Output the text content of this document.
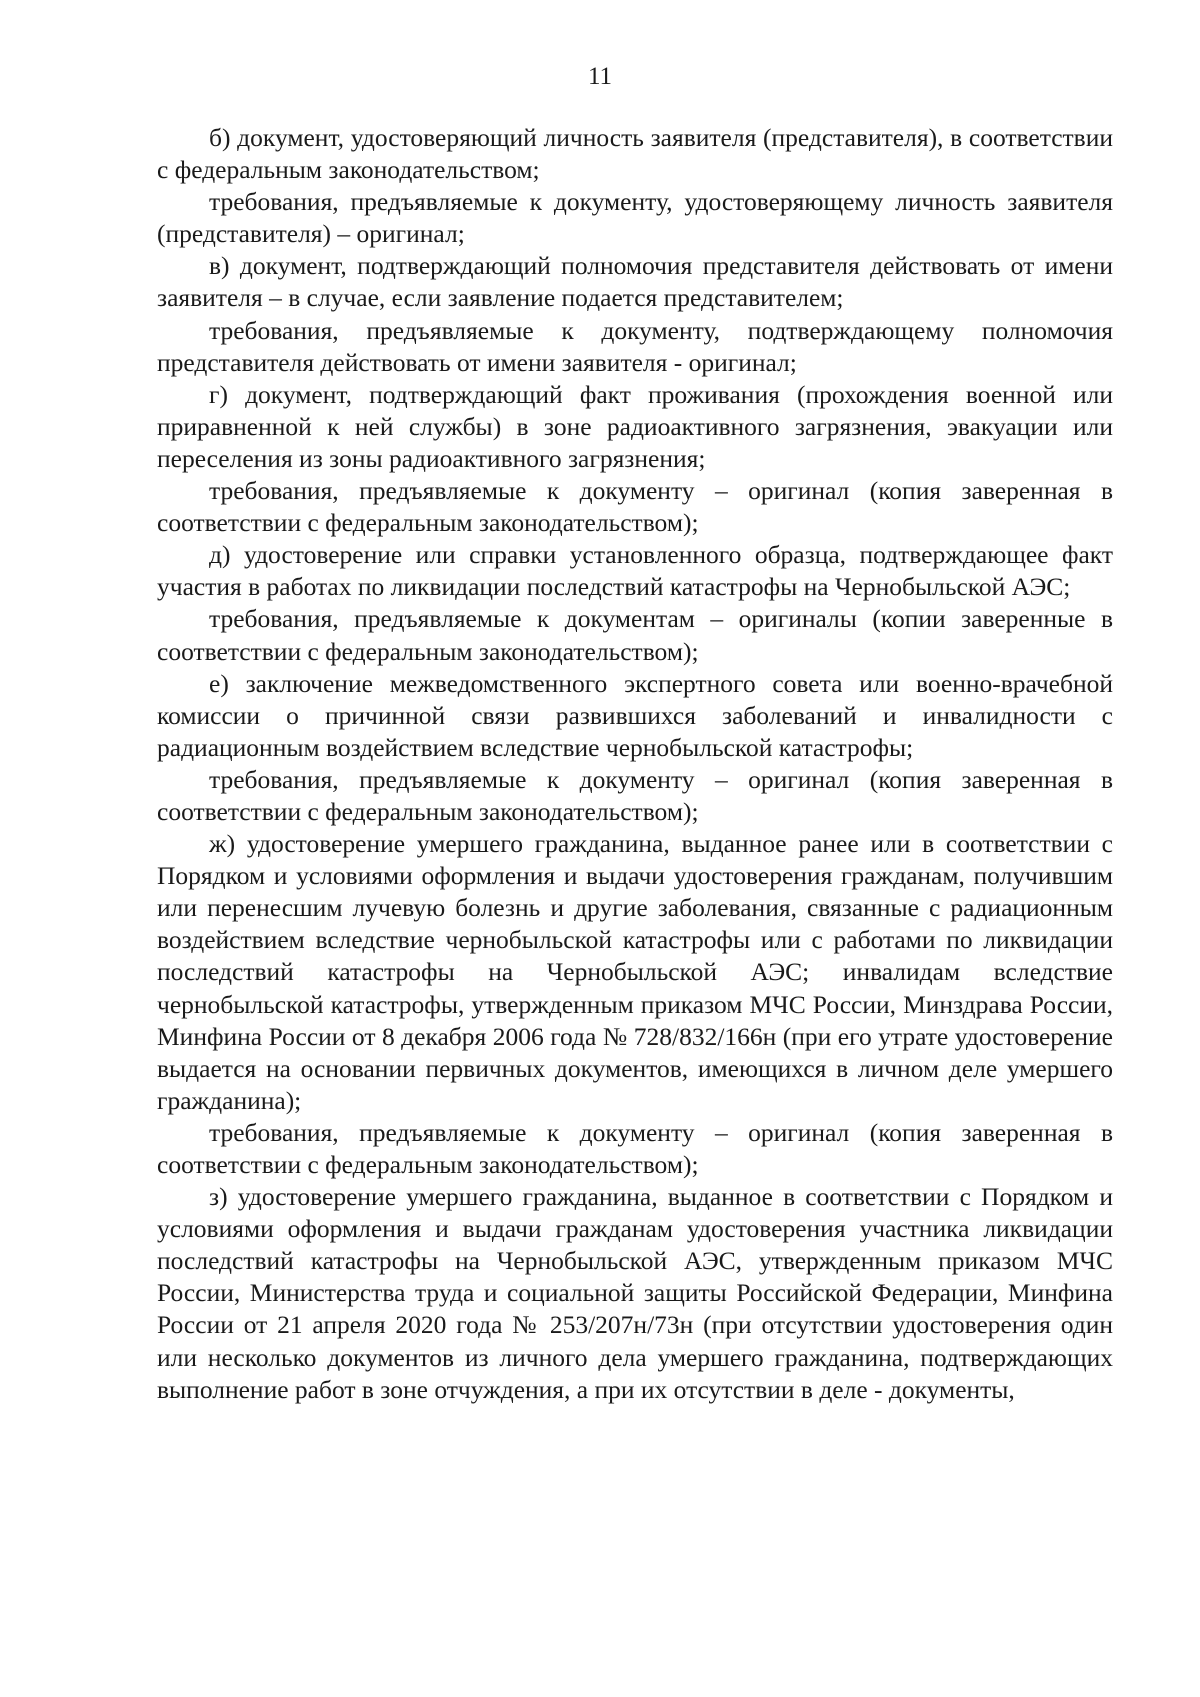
11

б) документ, удостоверяющий личность заявителя (представителя), в соответствии с федеральным законодательством;

требования, предъявляемые к документу, удостоверяющему личность заявителя (представителя) – оригинал;

в) документ, подтверждающий полномочия представителя действовать от имени заявителя – в случае, если заявление подается представителем;

требования, предъявляемые к документу, подтверждающему полномочия представителя действовать от имени заявителя - оригинал;

г) документ, подтверждающий факт проживания (прохождения военной или приравненной к ней службы) в зоне радиоактивного загрязнения, эвакуации или переселения из зоны радиоактивного загрязнения;

требования, предъявляемые к документу – оригинал (копия заверенная в соответствии с федеральным законодательством);

д) удостоверение или справки установленного образца, подтверждающее факт участия в работах по ликвидации последствий катастрофы на Чернобыльской АЭС;

требования, предъявляемые к документам – оригиналы (копии заверенные в соответствии с федеральным законодательством);

е) заключение межведомственного экспертного совета или военно-врачебной комиссии о причинной связи развившихся заболеваний и инвалидности с радиационным воздействием вследствие чернобыльской катастрофы;

требования, предъявляемые к документу – оригинал (копия заверенная в соответствии с федеральным законодательством);

ж) удостоверение умершего гражданина, выданное ранее или в соответствии с Порядком и условиями оформления и выдачи удостоверения гражданам, получившим или перенесшим лучевую болезнь и другие заболевания, связанные с радиационным воздействием вследствие чернобыльской катастрофы или с работами по ликвидации последствий катастрофы на Чернобыльской АЭС; инвалидам вследствие чернобыльской катастрофы, утвержденным приказом МЧС России, Минздрава России, Минфина России от 8 декабря 2006 года № 728/832/166н (при его утрате удостоверение выдается на основании первичных документов, имеющихся в личном деле умершего гражданина);

требования, предъявляемые к документу – оригинал (копия заверенная в соответствии с федеральным законодательством);

з) удостоверение умершего гражданина, выданное в соответствии с Порядком и условиями оформления и выдачи гражданам удостоверения участника ликвидации последствий катастрофы на Чернобыльской АЭС, утвержденным приказом МЧС России, Министерства труда и социальной защиты Российской Федерации, Минфина России от 21 апреля 2020 года № 253/207н/73н (при отсутствии удостоверения один или несколько документов из личного дела умершего гражданина, подтверждающих выполнение работ в зоне отчуждения, а при их отсутствии в деле - документы,
